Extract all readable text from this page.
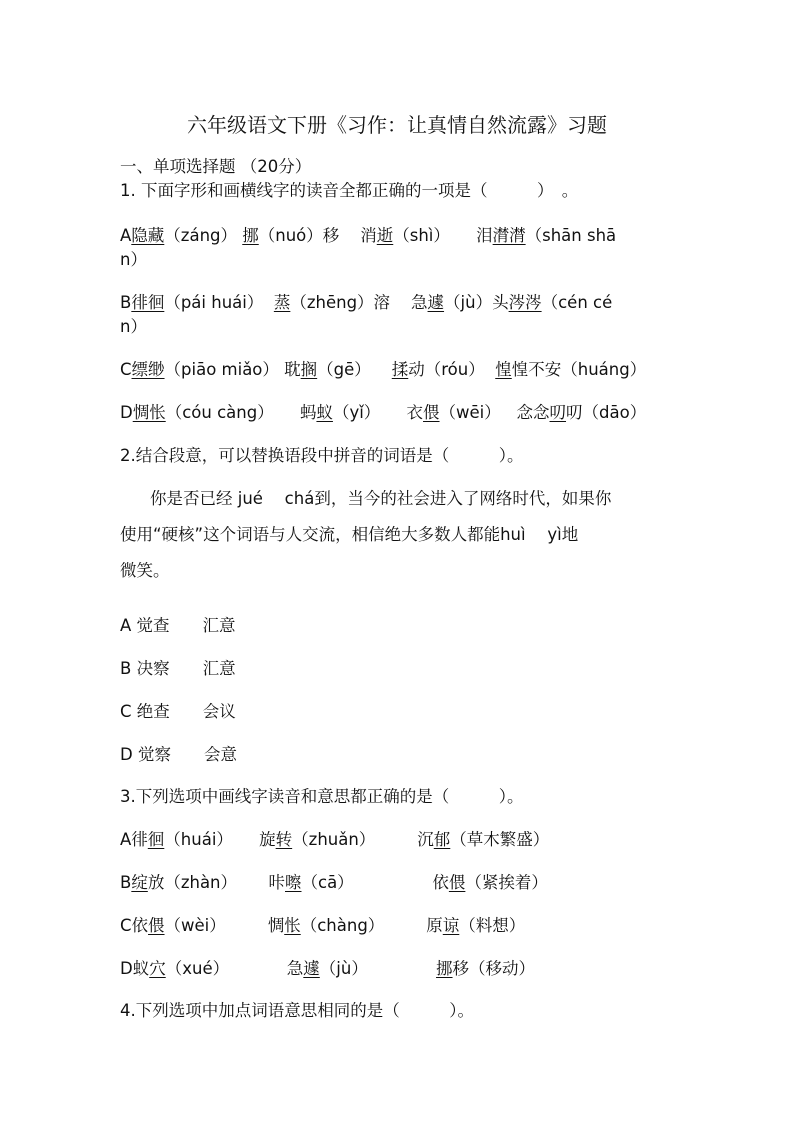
六年级语文下册《习作：让真情自然流露》习题
一、单项选择题 （20分）
1. 下面字形和画横线字的读音全都正确的一项是（　　　）　。
A隐藏（záng） 挪（nuó）移 消逝（shì） 泪潸潸（shān shā
n）
B徘徊（pái huái） 蒸（zhēng）溶 急遽（jù）头涔涔（cén cé
n）
C缥缈（piāo miǎo） 耽搁（gē） 揉动（róu） 惶惶不安（huáng）
D惆怅（cóu càng） 蚂蚁（yǐ） 衣偎（wēi） 念念叨叨（dāo）
2.结合段意，可以替换语段中拼音的词语是（　　　）。
你是否已经 jué　 chá到，当今的社会进入了网络时代，如果你
使用“硬核”这个词语与人交流，相信绝大多数人都能huì　 yì地
微笑。
A 觉查　　汇意
B 决察　　汇意
C 绝查　　会议
D 觉察　　会意
3.下列选项中画线字读音和意思都正确的是（　　　）。
A徘徊（huái） 旋转（zhuǎn）	沉郁（草木繁盛）
B绽放（zhàn） 咔嚓（cā）	依偎（紧挨着）
C依偎（wèi）	惆怅（chàng）	原谅（料想）
D蚁穴（xué）	急遽（jù）	挪移（移动）
4.下列选项中加点词语意思相同的是（　　　）。
